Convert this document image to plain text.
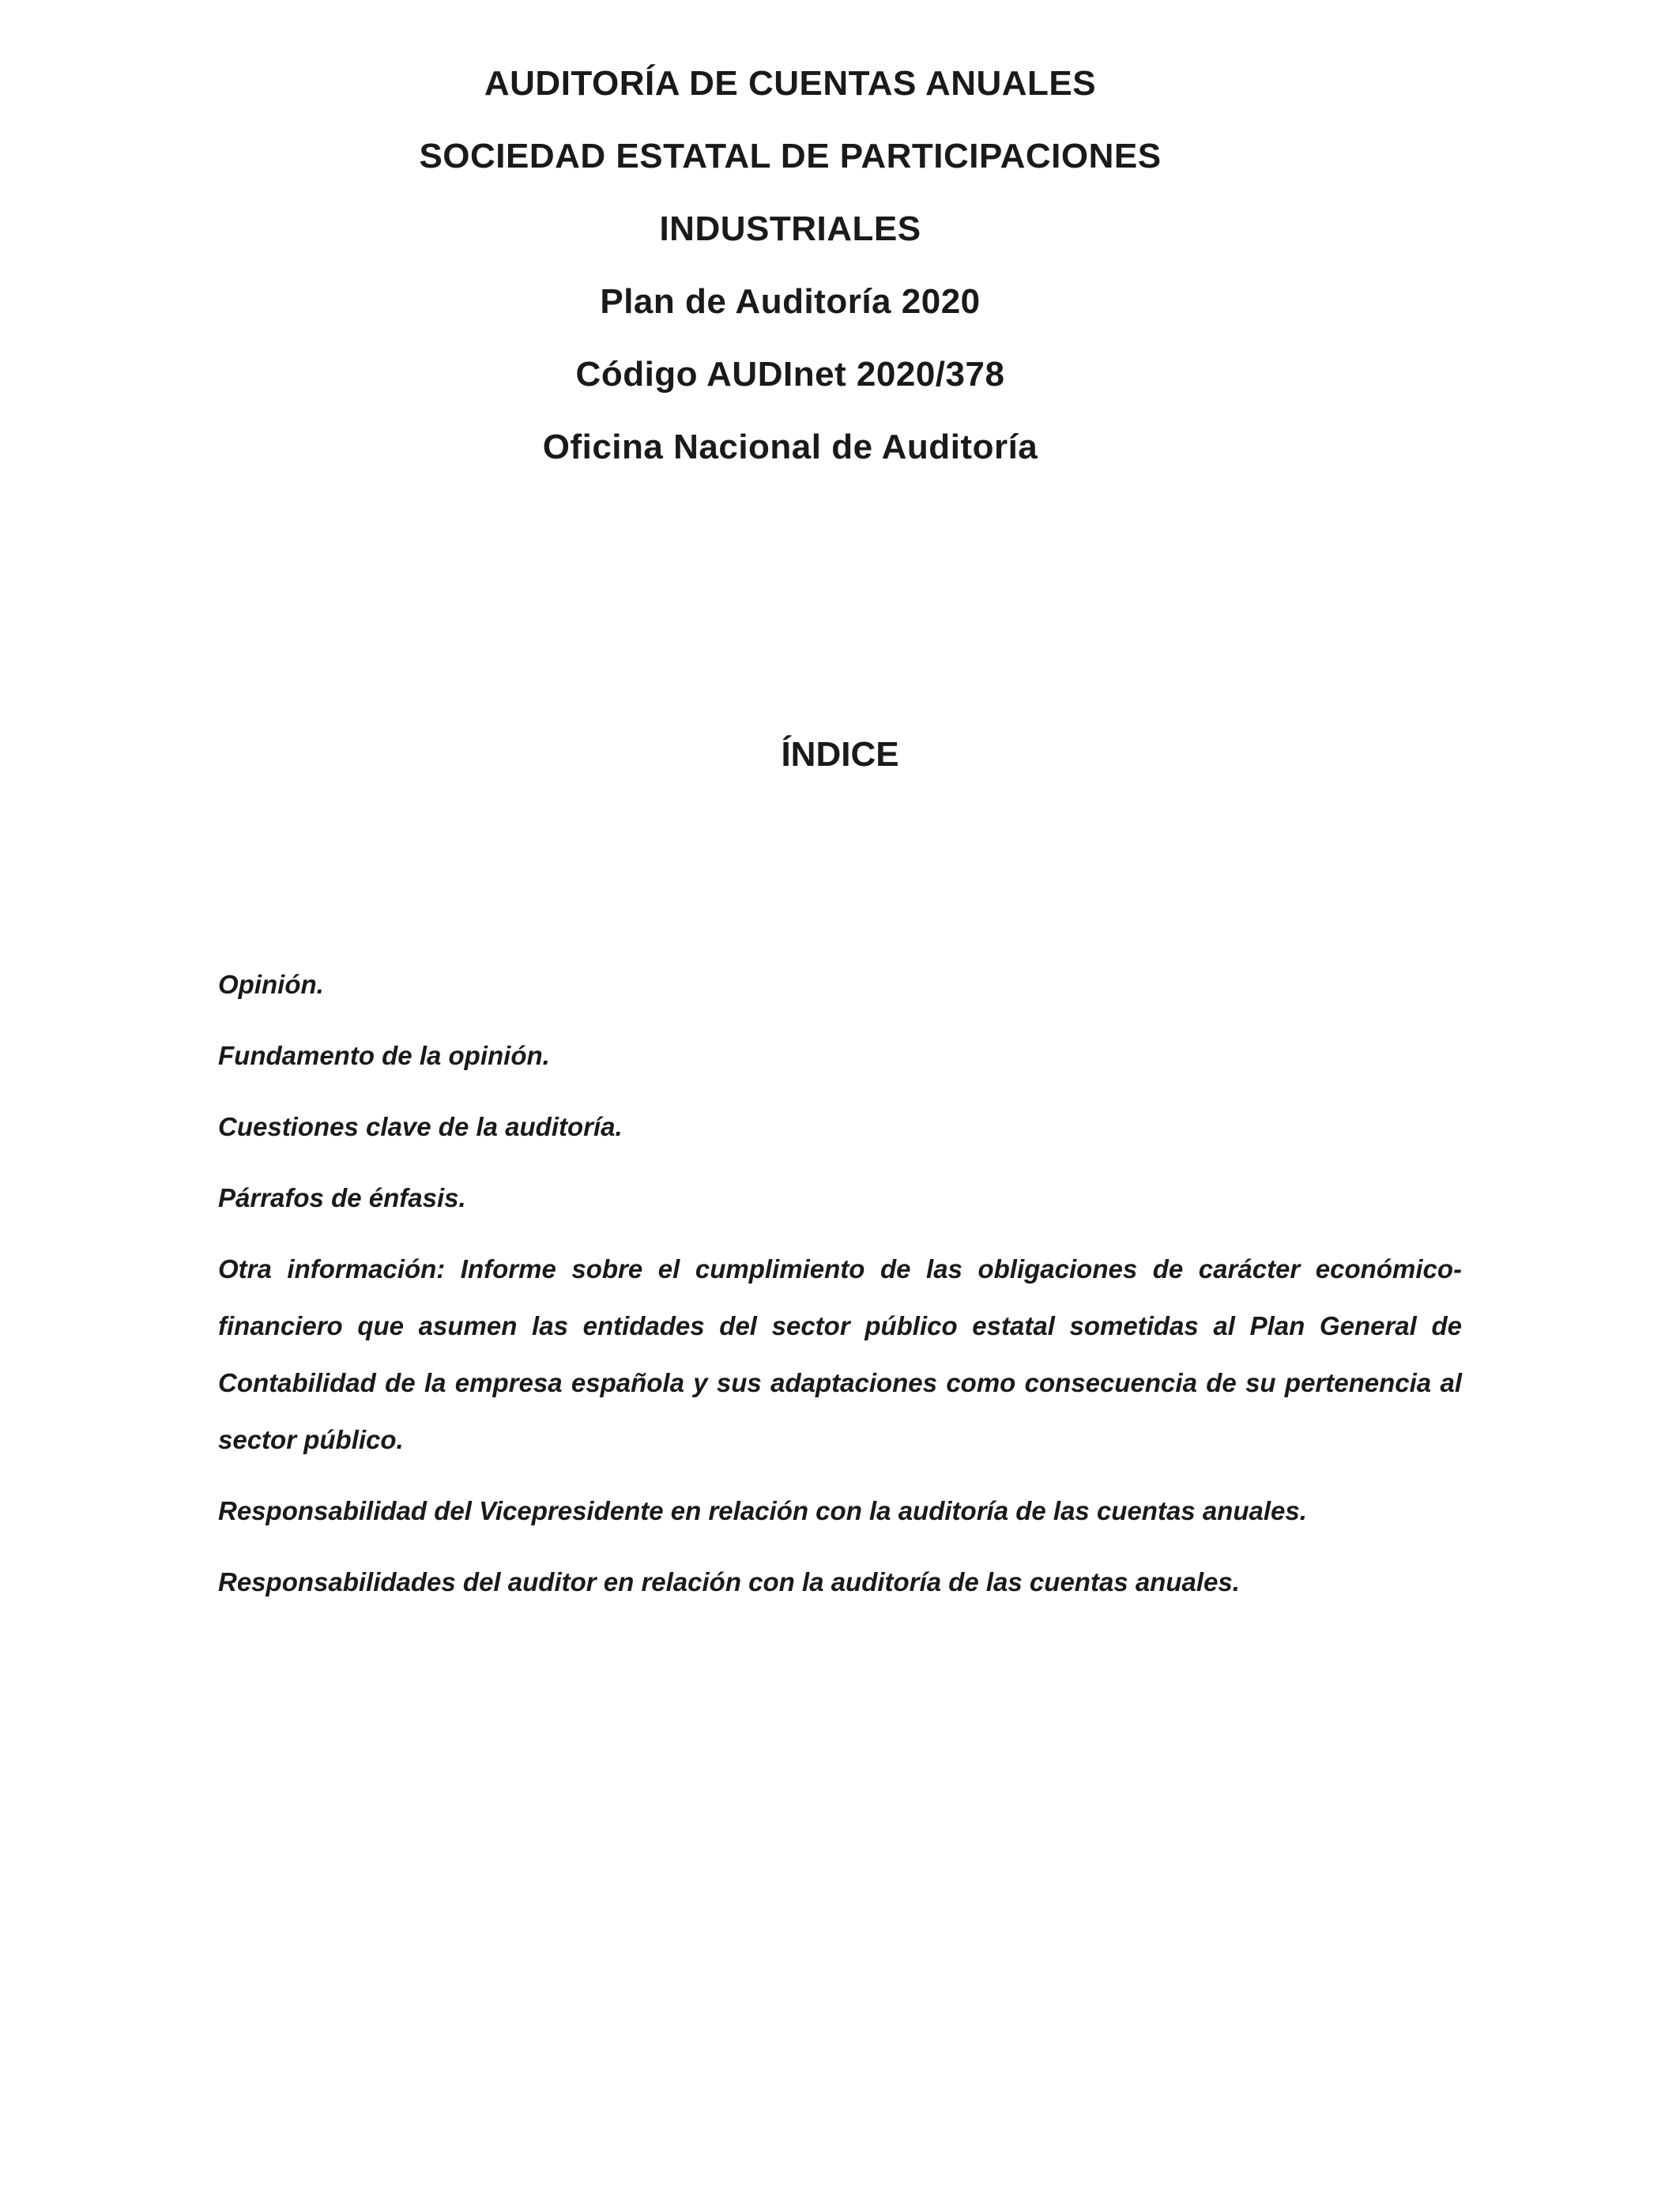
AUDITORÍA DE CUENTAS ANUALES

SOCIEDAD ESTATAL DE PARTICIPACIONES

INDUSTRIALES

Plan de Auditoría 2020

Código AUDInet 2020/378

Oficina Nacional de Auditoría

ÍNDICE
Opinión.
Fundamento de la opinión.
Cuestiones clave de la auditoría.
Párrafos de énfasis.
Otra información: Informe sobre el cumplimiento de las obligaciones de carácter económico-financiero que asumen las entidades del sector público estatal sometidas al Plan General de Contabilidad de la empresa española y sus adaptaciones como consecuencia de su pertenencia al sector público.
Responsabilidad del Vicepresidente en relación con la auditoría de las cuentas anuales.
Responsabilidades del auditor en relación con la auditoría de las cuentas anuales.
